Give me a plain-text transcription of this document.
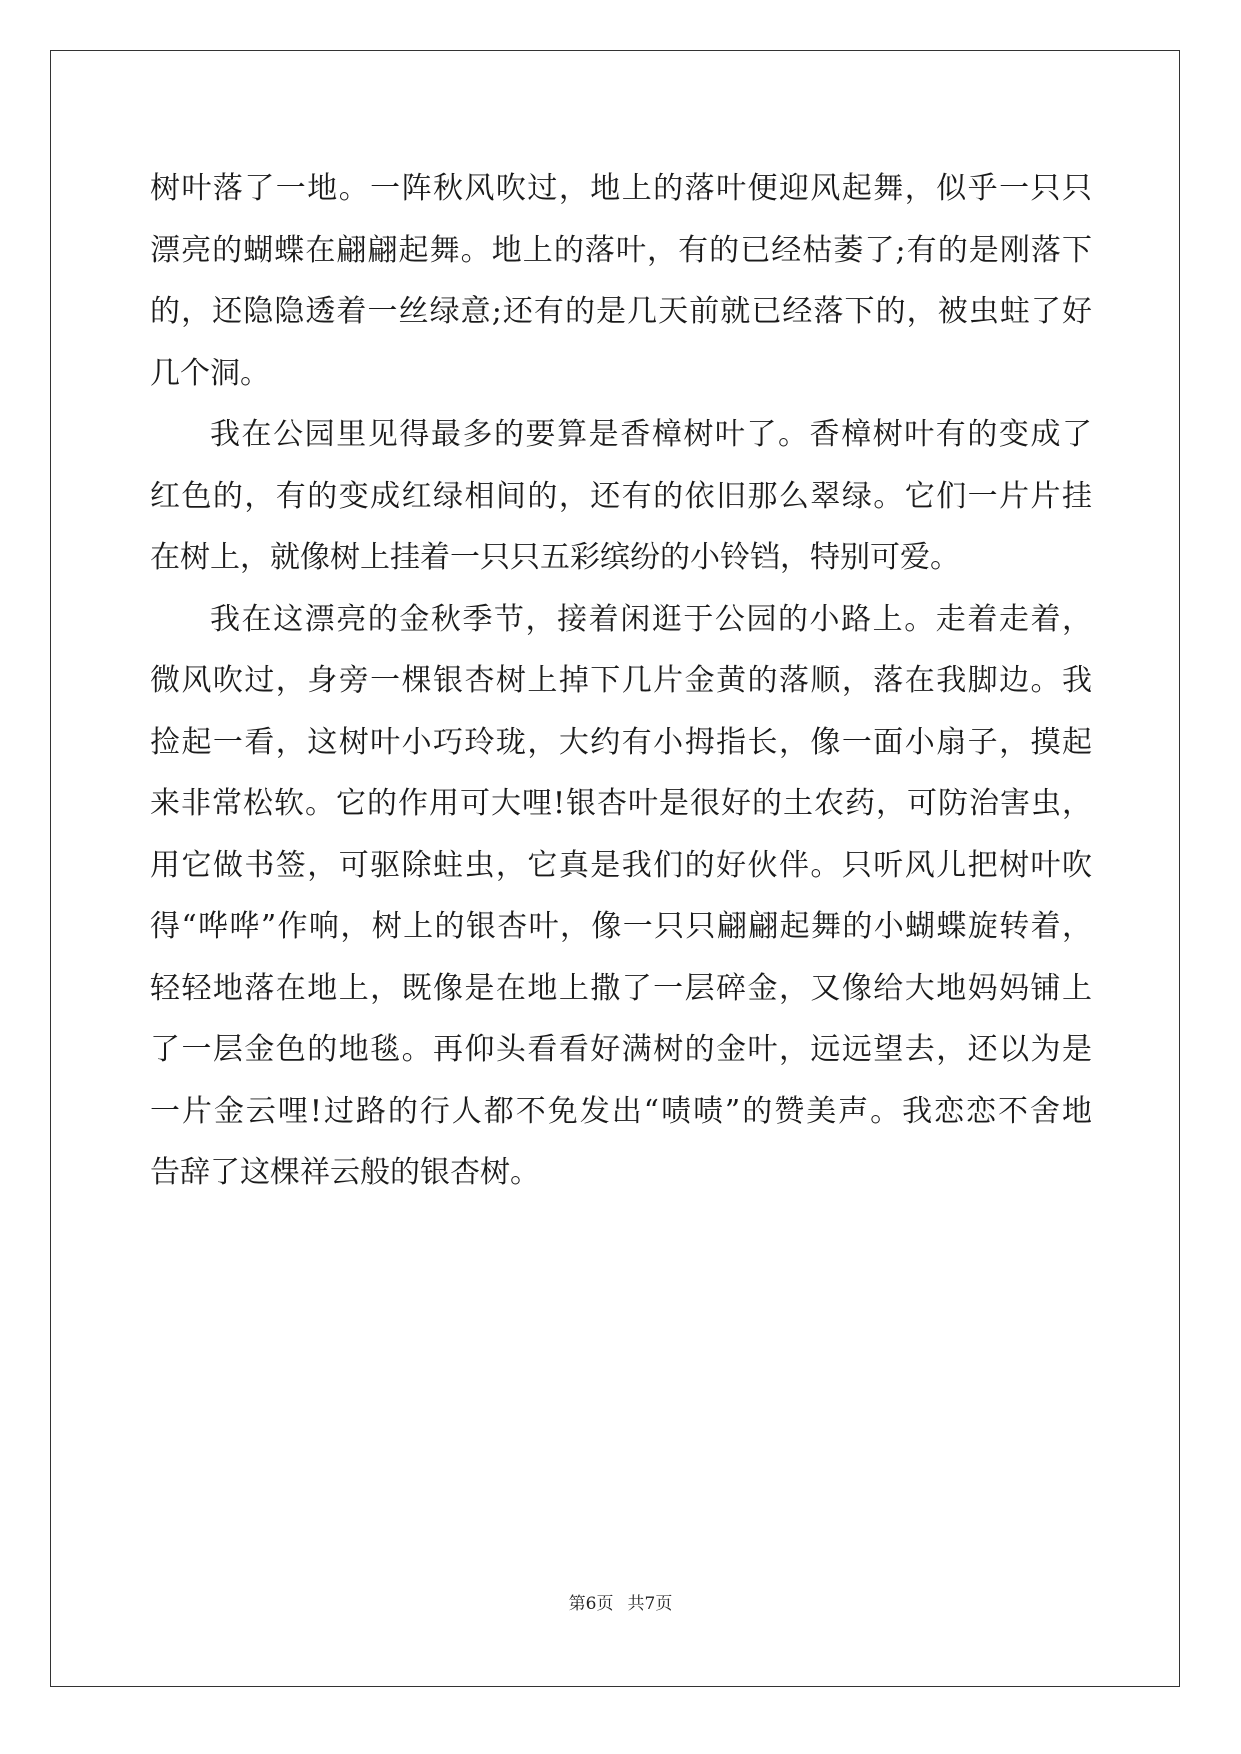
树叶落了一地。一阵秋风吹过，地上的落叶便迎风起舞，似乎一只只
漂亮的蝴蝶在翩翩起舞。地上的落叶，有的已经枯萎了;有的是刚落下
的，还隐隐透着一丝绿意;还有的是几天前就已经落下的，被虫蛀了好
几个洞。
我在公园里见得最多的要算是香樟树叶了。香樟树叶有的变成了
红色的，有的变成红绿相间的，还有的依旧那么翠绿。它们一片片挂
在树上，就像树上挂着一只只五彩缤纷的小铃铛，特别可爱。
我在这漂亮的金秋季节，接着闲逛于公园的小路上。走着走着，
微风吹过，身旁一棵银杏树上掉下几片金黄的落顺，落在我脚边。我
捡起一看，这树叶小巧玲珑，大约有小拇指长，像一面小扇子，摸起
来非常松软。它的作用可大哩!银杏叶是很好的土农药，可防治害虫，
用它做书签，可驱除蛀虫，它真是我们的好伙伴。只听风儿把树叶吹
得“哗哗”作响，树上的银杏叶，像一只只翩翩起舞的小蝴蝶旋转着，
轻轻地落在地上，既像是在地上撒了一层碎金，又像给大地妈妈铺上
了一层金色的地毯。再仰头看看好满树的金叶，远远望去，还以为是
一片金云哩!过路的行人都不免发出“啧啧”的赞美声。我恋恋不舍地
告辞了这棵祥云般的银杏树。
第6页 共7页
